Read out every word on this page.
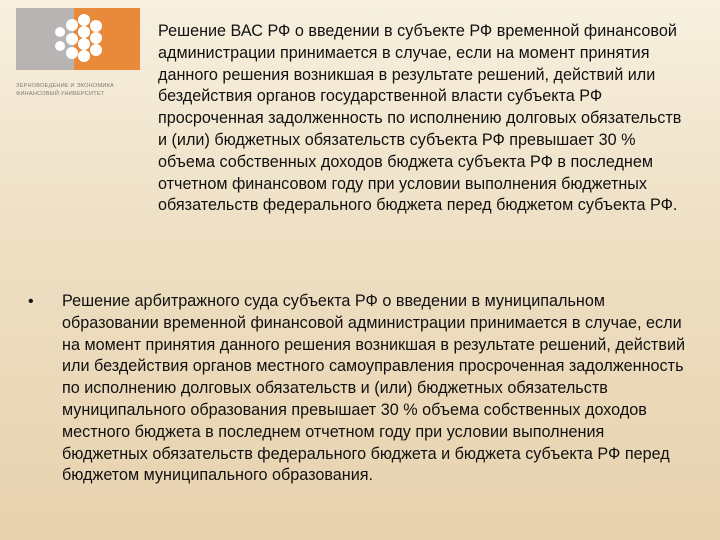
ЗЕРНОВОЕДЕНИЕ И ЭКОНОМИКА
ФИНАНСОВЫЙ УНИВЕРСИТЕТ

Решение ВАС РФ о введении в субъекте РФ временной финансовой администрации принимается в случае, если на момент принятия данного решения возникшая в результате решений, действий или бездействия органов государственной власти субъекта РФ просроченная задолженность по исполнению долговых обязательств и (или) бюджетных обязательств субъекта РФ превышает 30 % объема собственных доходов бюджета субъекта РФ в последнем отчетном финансовом году при условии выполнения бюджетных обязательств федерального бюджета перед бюджетом субъекта РФ.

• Решение арбитражного суда субъекта РФ о введении в муниципальном образовании временной финансовой администрации принимается в случае, если на момент принятия данного решения возникшая в результате решений, действий или бездействия органов местного самоуправления просроченная задолженность по исполнению долговых обязательств и (или) бюджетных обязательств муниципального образования превышает 30 % объема собственных доходов местного бюджета в последнем отчетном году при условии выполнения бюджетных обязательств федерального бюджета и бюджета субъекта РФ перед бюджетом муниципального образования.
